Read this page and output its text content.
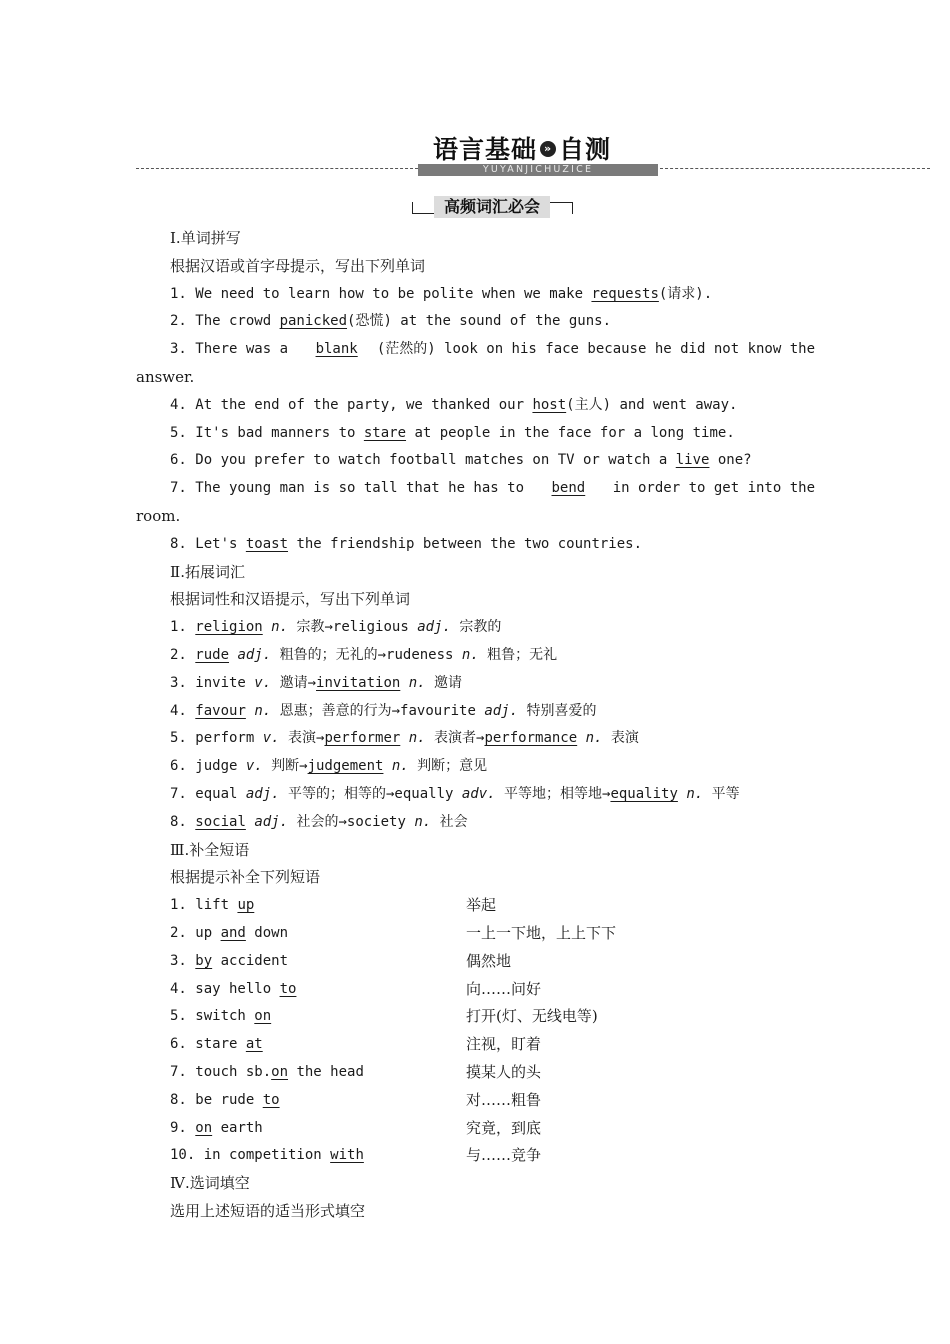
语言基础 » 自测
YUYANJICHUZICE
高频词汇必会
Ⅰ.单词拼写
根据汉语或首字母提示，写出下列单词
1. We need to learn how to be polite when we make requests(请求).
2. The crowd panicked(恐慌) at the sound of the guns.
3. There was a blank (茫然的) look on his face because he did not know the
answer.
4. At the end of the party, we thanked our host(主人) and went away.
5. It's bad manners to stare at people in the face for a long time.
6. Do you prefer to watch football matches on TV or watch a live one?
7. The young man is so tall that he has to bend in order to get into the
room.
8. Let's toast the friendship between the two countries.
Ⅱ.拓展词汇
根据词性和汉语提示，写出下列单词
1. religion n. 宗教→religious adj. 宗教的
2. rude adj. 粗鲁的；无礼的→rudeness n. 粗鲁；无礼
3. invite v. 邀请→invitation n. 邀请
4. favour n. 恩惠；善意的行为→favourite adj. 特别喜爱的
5. perform v. 表演→performer n. 表演者→performance n. 表演
6. judge v. 判断→judgement n. 判断；意见
7. equal adj. 平等的；相等的→equally adv. 平等地；相等地→equality n. 平等
8. social adj. 社会的→society n. 社会
Ⅲ.补全短语
根据提示补全下列短语
1. lift up	举起
2. up and down	一上一下地，上上下下
3. by accident	偶然地
4. say hello to	向……问好
5. switch on	打开(灯、无线电等)
6. stare at	注视，盯着
7. touch sb.on the head	摸某人的头
8. be rude to	对……粗鲁
9. on earth	究竟，到底
10. in competition with	与……竞争
Ⅳ.选词填空
选用上述短语的适当形式填空
